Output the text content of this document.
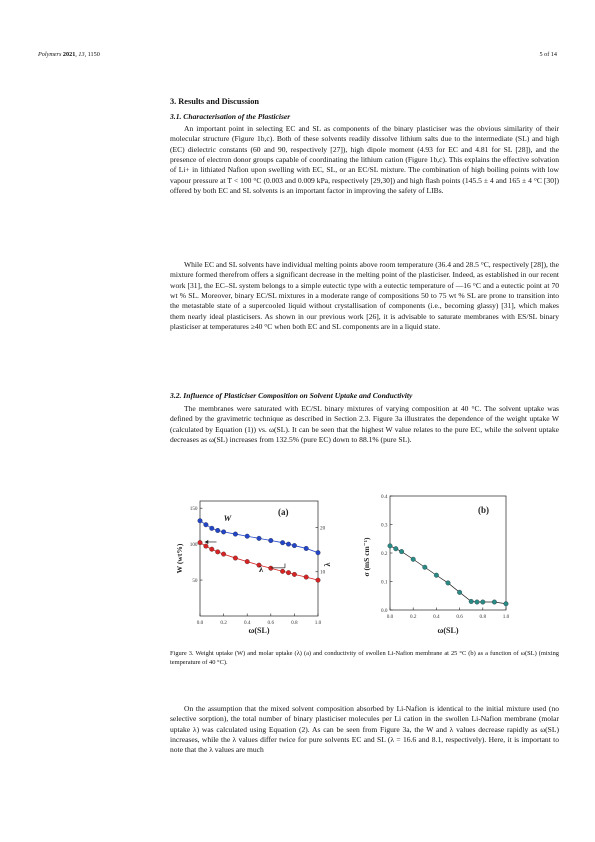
Polymers 2021, 13, 1150	5 of 14
3. Results and Discussion
3.1. Characterisation of the Plasticiser

An important point in selecting EC and SL as components of the binary plasticiser was the obvious similarity of their molecular structure (Figure 1b,c). Both of these solvents readily dissolve lithium salts due to the intermediate (SL) and high (EC) dielectric constants (60 and 90, respectively [27]), high dipole moment (4.93 for EC and 4.81 for SL [28]), and the presence of electron donor groups capable of coordinating the lithium cation (Figure 1b,c). This explains the effective solvation of Li+ in lithiated Nafion upon swelling with EC, SL, or an EC/SL mixture. The combination of high boiling points with low vapour pressure at T < 100 °C (0.003 and 0.009 kPa, respectively [29,30]) and high flash points (145.5 ± 4 and 165 ± 4 °C [30]) offered by both EC and SL solvents is an important factor in improving the safety of LIBs.

While EC and SL solvents have individual melting points above room temperature (36.4 and 28.5 °C, respectively [28]), the mixture formed therefrom offers a significant decrease in the melting point of the plasticiser. Indeed, as established in our recent work [31], the EC–SL system belongs to a simple eutectic type with a eutectic temperature of —16 °C and a eutectic point at 70 wt % SL. Moreover, binary EC/SL mixtures in a moderate range of compositions 50 to 75 wt % SL are prone to transition into the metastable state of a supercooled liquid without crystallisation of components (i.e., becoming glassy) [31], which makes them nearly ideal plasticisers. As shown in our previous work [26], it is advisable to saturate membranes with ES/SL binary plasticiser at temperatures ≥40 °C when both EC and SL components are in a liquid state.

3.2. Influence of Plasticiser Composition on Solvent Uptake and Conductivity

The membranes were saturated with EC/SL binary mixtures of varying composition at 40 °C. The solvent uptake was defined by the gravimetric technique as described in Section 2.3. Figure 3a illustrates the dependence of the weight uptake W (calculated by Equation (1)) vs. ω(SL). It can be seen that the highest W value relates to the pure EC, while the solvent uptake decreases as ω(SL) increases from 132.5% (pure EC) down to 88.1% (pure SL).

0.0	0.2	0.4	0.6	0.8	1.0
50
100
150
10
20
ω(SL)
W (wt%)	λ
(a)
W
λ
0.0	0.2	0.4	0.6	0.8	1.0
0.0
0.1
0.2
0.3
0.4
ω(SL)
σ (mS cm⁻¹)
(b)

Figure 3. Weight uptake (W) and molar uptake (λ) (a) and conductivity of swollen Li-Nafion membrane at 25 °C (b) as a function of ω(SL) (mixing temperature of 40 °C).

On the assumption that the mixed solvent composition absorbed by Li-Nafion is identical to the initial mixture used (no selective sorption), the total number of binary plasticiser molecules per Li cation in the swollen Li-Nafion membrane (molar uptake λ) was calculated using Equation (2). As can be seen from Figure 3a, the W and λ values decrease rapidly as ω(SL) increases, while the λ values differ twice for pure solvents EC and SL (λ = 16.6 and 8.1, respectively). Here, it is important to note that the λ values are much
